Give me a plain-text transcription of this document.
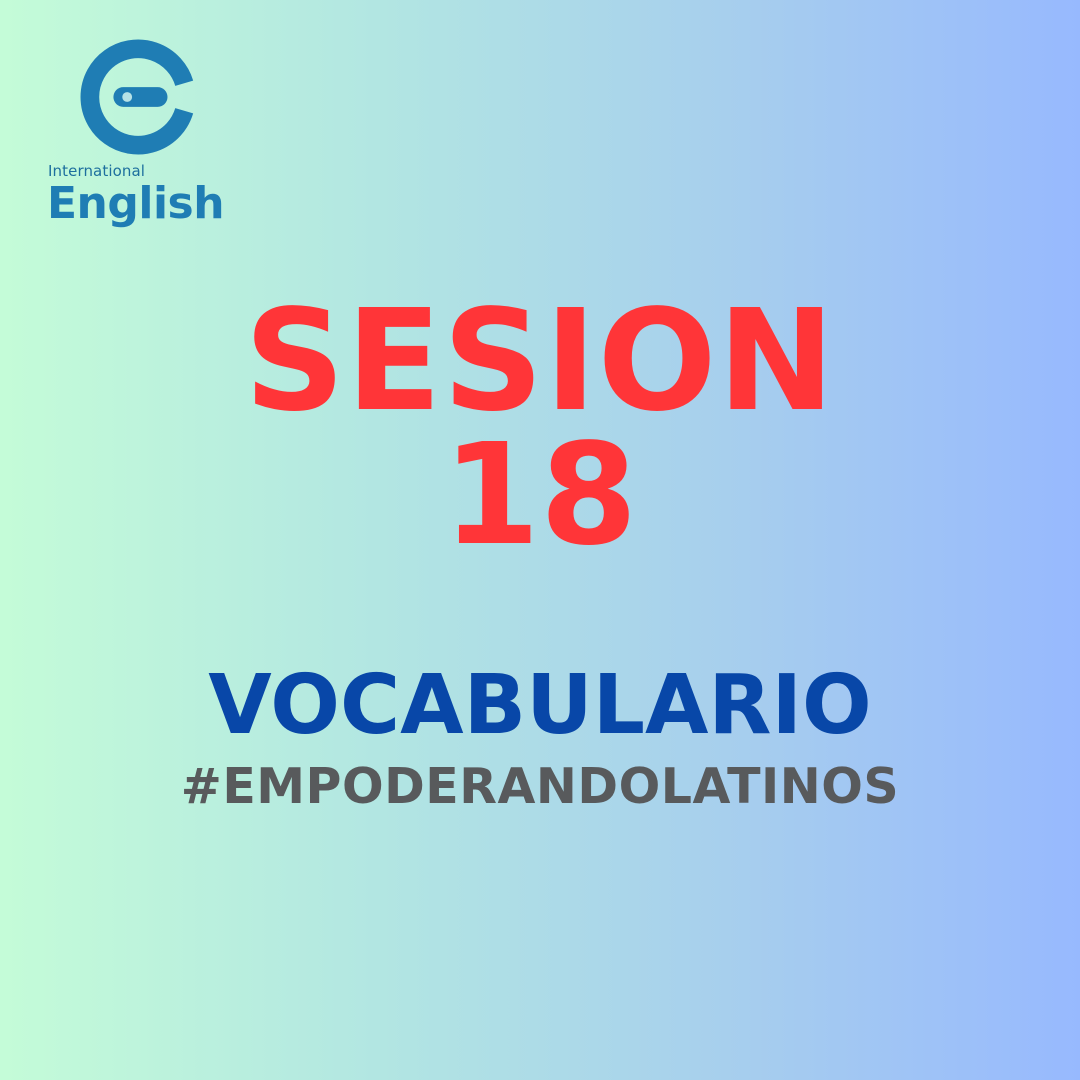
International
English
SESION
18
VOCABULARIO
#EMPODERANDOLATINOS
